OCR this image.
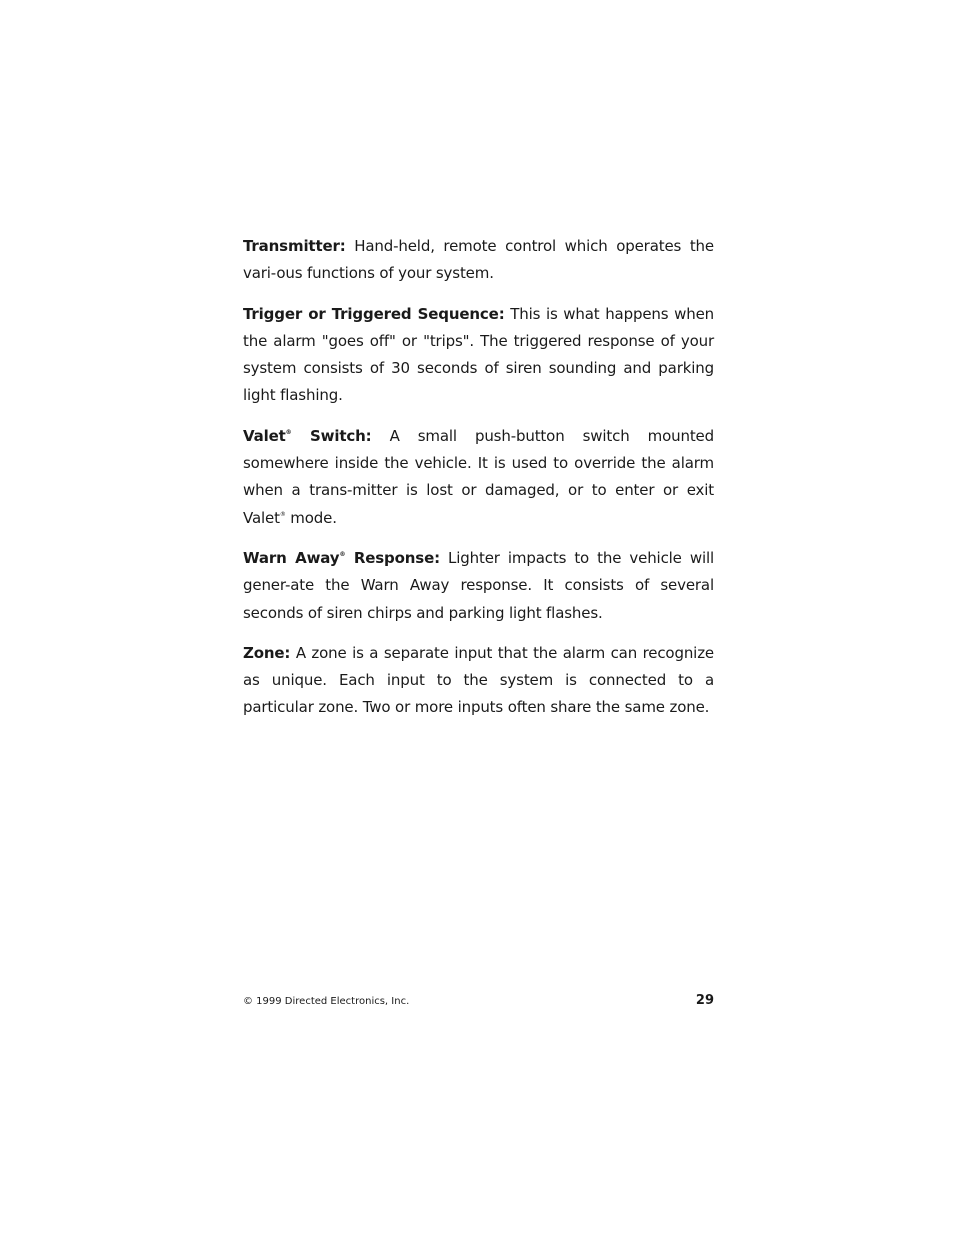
Transmitter: Hand-held, remote control which operates the vari-ous functions of your system.

Trigger or Triggered Sequence: This is what happens when the alarm "goes off" or "trips". The triggered response of your system consists of 30 seconds of siren sounding and parking light flashing.

Valet® Switch: A small push-button switch mounted somewhere inside the vehicle. It is used to override the alarm when a trans-mitter is lost or damaged, or to enter or exit Valet® mode.

Warn Away® Response: Lighter impacts to the vehicle will gener-ate the Warn Away response. It consists of several seconds of siren chirps and parking light flashes.

Zone: A zone is a separate input that the alarm can recognize as unique. Each input to the system is connected to a particular zone. Two or more inputs often share the same zone.

© 1999 Directed Electronics, Inc.	29
